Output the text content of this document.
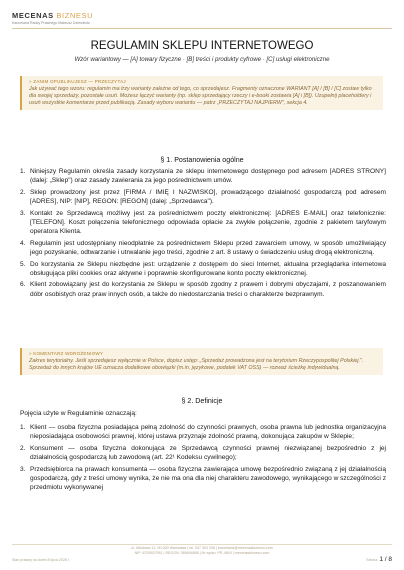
MECENAS BIZNESU
Kancelaria Radcy Prawnego Mateusz Dziewiecki
REGULAMIN SKLEPU INTERNETOWEGO
Wzór wariantowy — [A] towary fizyczne · [B] treści i produkty cyfrowe · [C] usługi elektroniczne
» ZANIM OPUBLIKUJESZ — PRZECZYTAJ
Jak używać tego wzoru: regulamin ma trzy warianty zależne od tego, co sprzedajesz. Fragmenty oznaczone WARIANT [A] / [B] / [C] zostaw tylko dla swojej sprzedaży, pozostałe usuń. Możesz łączyć warianty (np. sklep sprzedający rzeczy i e-booki zostawia [A] i [B]). Uzupełnij placeholdery i usuń wszystkie komentarze przed publikacją. Zasady wyboru wariantu — patrz „PRZECZYTAJ NAJPIERW", sekcja 4.
§ 1. Postanowienia ogólne
1. Niniejszy Regulamin określa zasady korzystania ze sklepu internetowego dostępnego pod adresem [ADRES STRONY] (dalej: „Sklep") oraz zasady zawierania za jego pośrednictwem umów.
2. Sklep prowadzony jest przez [FIRMA / IMIĘ I NAZWISKO], prowadzącego działalność gospodarczą pod adresem [ADRES], NIP: [NIP], REGON: [REGON] (dalej: „Sprzedawca").
3. Kontakt ze Sprzedawcą możliwy jest za pośrednictwem poczty elektronicznej: [ADRES E-MAIL] oraz telefonicznie: [TELEFON]. Koszt połączenia telefonicznego odpowiada opłacie za zwykłe połączenie, zgodnie z pakietem taryfowym operatora Klienta.
4. Regulamin jest udostępniany nieodpłatnie za pośrednictwem Sklepu przed zawarciem umowy, w sposób umożliwiający jego pozyskanie, odtwarzanie i utrwalanie jego treści, zgodnie z art. 8 ustawy o świadczeniu usług drogą elektroniczną.
5. Do korzystania ze Sklepu niezbędne jest: urządzenie z dostępem do sieci Internet, aktualna przeglądarka internetowa obsługująca pliki cookies oraz aktywne i poprawnie skonfigurowane konto poczty elektronicznej.
6. Klient zobowiązany jest do korzystania ze Sklepu w sposób zgodny z prawem i dobrymi obyczajami, z poszanowaniem dóbr osobistych oraz praw innych osób, a także do niedostarczania treści o charakterze bezprawnym.
» KOMENTARZ WDROŻENIOWY
Zakres terytorialny. Jeśli sprzedajesz wyłącznie w Polsce, dopisz ustęp: „Sprzedaż prowadzona jest na terytorium Rzeczypospolitej Polskiej.". Sprzedaż do innych krajów UE oznacza dodatkowe obowiązki (m.in. językowe, podatek VAT OSS) — rozważ ścieżkę indywidualną.
§ 2. Definicje
Pojęcia użyte w Regulaminie oznaczają:
1. Klient — osoba fizyczna posiadająca pełną zdolność do czynności prawnych, osoba prawna lub jednostka organizacyjna nieposiadająca osobowości prawnej, której ustawa przyznaje zdolność prawną, dokonująca zakupów w Sklepie;
2. Konsument — osoba fizyczna dokonująca ze Sprzedawcą czynności prawnej niezwiązanej bezpośrednio z jej działalnością gospodarczą lub zawodową (art. 22¹ Kodeksu cywilnego);
3. Przedsiębiorca na prawach konsumenta — osoba fizyczna zawierająca umowę bezpośrednio związaną z jej działalnością gospodarczą, gdy z treści umowy wynika, że nie ma ona dla niej charakteru zawodowego, wynikającego w szczególności z przedmiotu wykonywanej
ul. Miodowa 12, 00-000 Warszawa | tel. 537 303 208 | kancelaria@mecenasbiznesu.com
NIP: 8792637951 | REGON: 385694858 | Nr wpisu: PR-4604 | mecenasbiznesu.com
Stan prawny na dzień 8 lipca 2026 r.	Strona 1 / 8
